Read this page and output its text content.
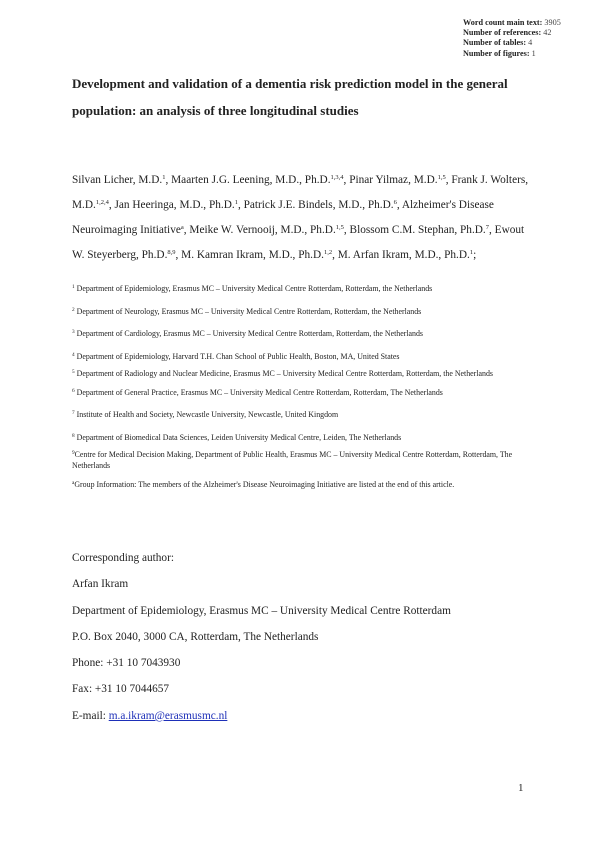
Word count main text: 3905
Number of references: 42
Number of tables: 4
Number of figures: 1
Development and validation of a dementia risk prediction model in the general population: an analysis of three longitudinal studies

Silvan Licher, M.D.$^1$, Maarten J.G. Leening, M.D., Ph.D.$^{1,3,4}$, Pinar Yilmaz, M.D.$^{1,5}$, Frank J. Wolters, M.D.$^{1,2,4}$, Jan Heeringa, M.D., Ph.D.$^1$, Patrick J.E. Bindels, M.D., Ph.D.$^6$, Alzheimer's Disease Neuroimaging Initiative$^a$, Meike W. Vernooij, M.D., Ph.D.$^{1,5}$, Blossom C.M. Stephan, Ph.D.$^7$, Ewout W. Steyerberg, Ph.D.$^{8,9}$, M. Kamran Ikram, M.D., Ph.D.$^{1,2}$, M. Arfan Ikram, M.D., Ph.D.$^1$;

$^1$ Department of Epidemiology, Erasmus MC – University Medical Centre Rotterdam, Rotterdam, the Netherlands

$^2$ Department of Neurology, Erasmus MC – University Medical Centre Rotterdam, Rotterdam, the Netherlands

$^3$ Department of Cardiology, Erasmus MC – University Medical Centre Rotterdam, Rotterdam, the Netherlands

$^4$ Department of Epidemiology, Harvard T.H. Chan School of Public Health, Boston, MA, United States

$^5$ Department of Radiology and Nuclear Medicine, Erasmus MC – University Medical Centre Rotterdam, Rotterdam, the Netherlands

$^6$ Department of General Practice, Erasmus MC – University Medical Centre Rotterdam, Rotterdam, The Netherlands

$^7$ Institute of Health and Society, Newcastle University, Newcastle, United Kingdom

$^8$ Department of Biomedical Data Sciences, Leiden University Medical Centre, Leiden, The Netherlands

$^9$Centre for Medical Decision Making, Department of Public Health, Erasmus MC – University Medical Centre Rotterdam, Rotterdam, The Netherlands

$^a$Group Information: The members of the Alzheimer's Disease Neuroimaging Initiative are listed at the end of this article.

Corresponding author:

Arfan Ikram

Department of Epidemiology, Erasmus MC – University Medical Centre Rotterdam

P.O. Box 2040, 3000 CA, Rotterdam, The Netherlands

Phone: +31 10 7043930

Fax: +31 10 7044657

E-mail: m.a.ikram@erasmusmc.nl

1
